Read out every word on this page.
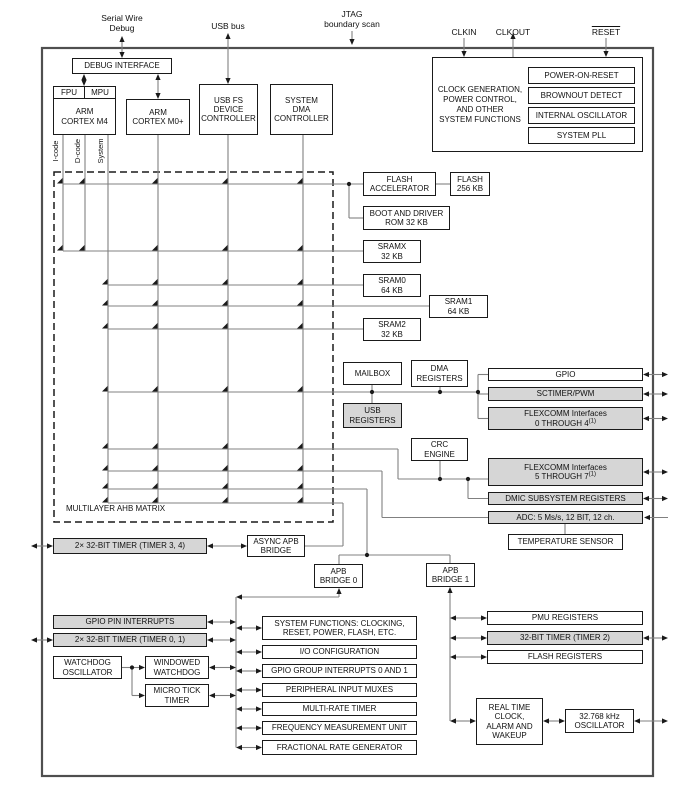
Serial Wire
Debug	USB bus
JTAG
boundary scan
CLKIN	CLKOUT	RESET
DEBUG INTERFACE
FPU	MPU
ARM
CORTEX M4
ARM
CORTEX M0+
USB FS
DEVICE
CONTROLLER
SYSTEM
DMA
CONTROLLER
CLOCK GENERATION,
POWER CONTROL,
AND OTHER
SYSTEM FUNCTIONS
POWER-ON-RESET
BROWNOUT DETECT
INTERNAL OSCILLATOR
SYSTEM PLL
I-code D-code System
MULTILAYER AHB MATRIX
FLASH
ACCELERATOR
FLASH
256 KB
BOOT AND DRIVER
ROM 32 KB
SRAMX
32 KB
SRAM0
64 KB
SRAM1
64 KB
SRAM2
32 KB
MAILBOX
DMA
REGISTERS	GPIO
SCTIMER/PWM
FLEXCOMM Interfaces
0 THROUGH 4$^{(1)}$
USB
REGISTERS
CRC
ENGINE
FLEXCOMM Interfaces
5 THROUGH 7$^{(1)}$
DMIC SUBSYSTEM REGISTERS
ADC: 5 Ms/s, 12 BIT, 12 ch.
TEMPERATURE SENSOR
2× 32-BIT TIMER (TIMER 3, 4)
ASYNC APB
BRIDGE
APB
BRIDGE 0
APB
BRIDGE 1
GPIO PIN INTERRUPTS
2× 32-BIT TIMER (TIMER 0, 1)
WATCHDOG
OSCILLATOR
WINDOWED
WATCHDOG
MICRO TICK
TIMER
SYSTEM FUNCTIONS: CLOCKING,
RESET, POWER, FLASH, ETC.
I/O CONFIGURATION
GPIO GROUP INTERRUPTS 0 AND 1
PERIPHERAL INPUT MUXES
MULTI-RATE TIMER
FREQUENCY MEASUREMENT UNIT
FRACTIONAL RATE GENERATOR
PMU REGISTERS
32-BIT TIMER (TIMER 2)
FLASH REGISTERS
REAL TIME
CLOCK,
ALARM AND
WAKEUP
32.768 kHz
OSCILLATOR
